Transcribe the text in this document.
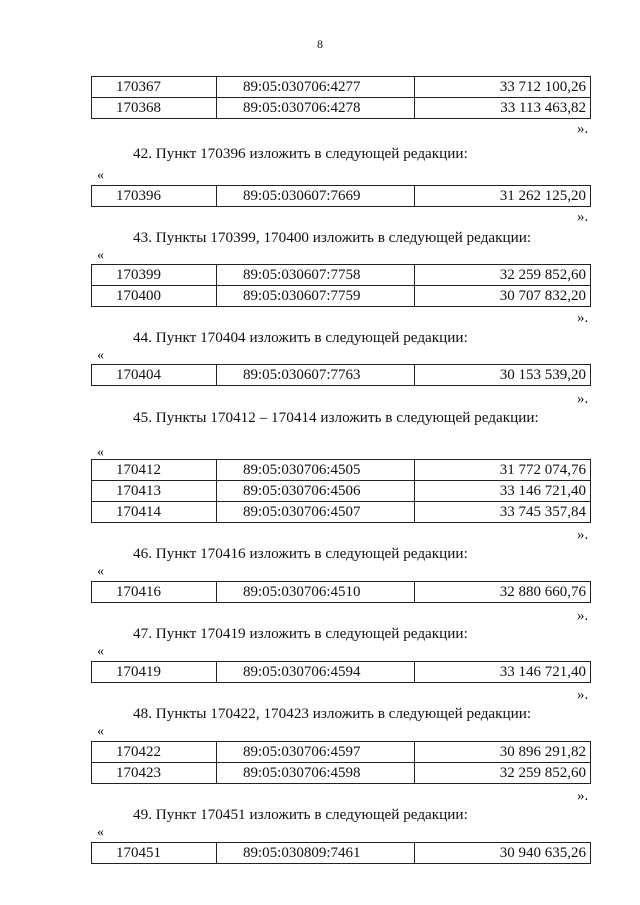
8
170367	89:05:030706:4277	33 712 100,26
170368	89:05:030706:4278	33 113 463,82
».
42. Пункт 170396 изложить в следующей редакции:
«
170396	89:05:030607:7669	31 262 125,20
».
43. Пункты 170399, 170400 изложить в следующей редакции:
«
170399	89:05:030607:7758	32 259 852,60
170400	89:05:030607:7759	30 707 832,20
».
44. Пункт 170404 изложить в следующей редакции:
«
170404	89:05:030607:7763	30 153 539,20
».
45. Пункты 170412 – 170414 изложить в следующей редакции:
«
170412	89:05:030706:4505	31 772 074,76
170413	89:05:030706:4506	33 146 721,40
170414	89:05:030706:4507	33 745 357,84
».
46. Пункт 170416 изложить в следующей редакции:
«
170416	89:05:030706:4510	32 880 660,76
».
47. Пункт 170419 изложить в следующей редакции:
«
170419	89:05:030706:4594	33 146 721,40
».
48. Пункты 170422, 170423 изложить в следующей редакции:
«
170422	89:05:030706:4597	30 896 291,82
170423	89:05:030706:4598	32 259 852,60
».
49. Пункт 170451 изложить в следующей редакции:
«
170451	89:05:030809:7461	30 940 635,26
